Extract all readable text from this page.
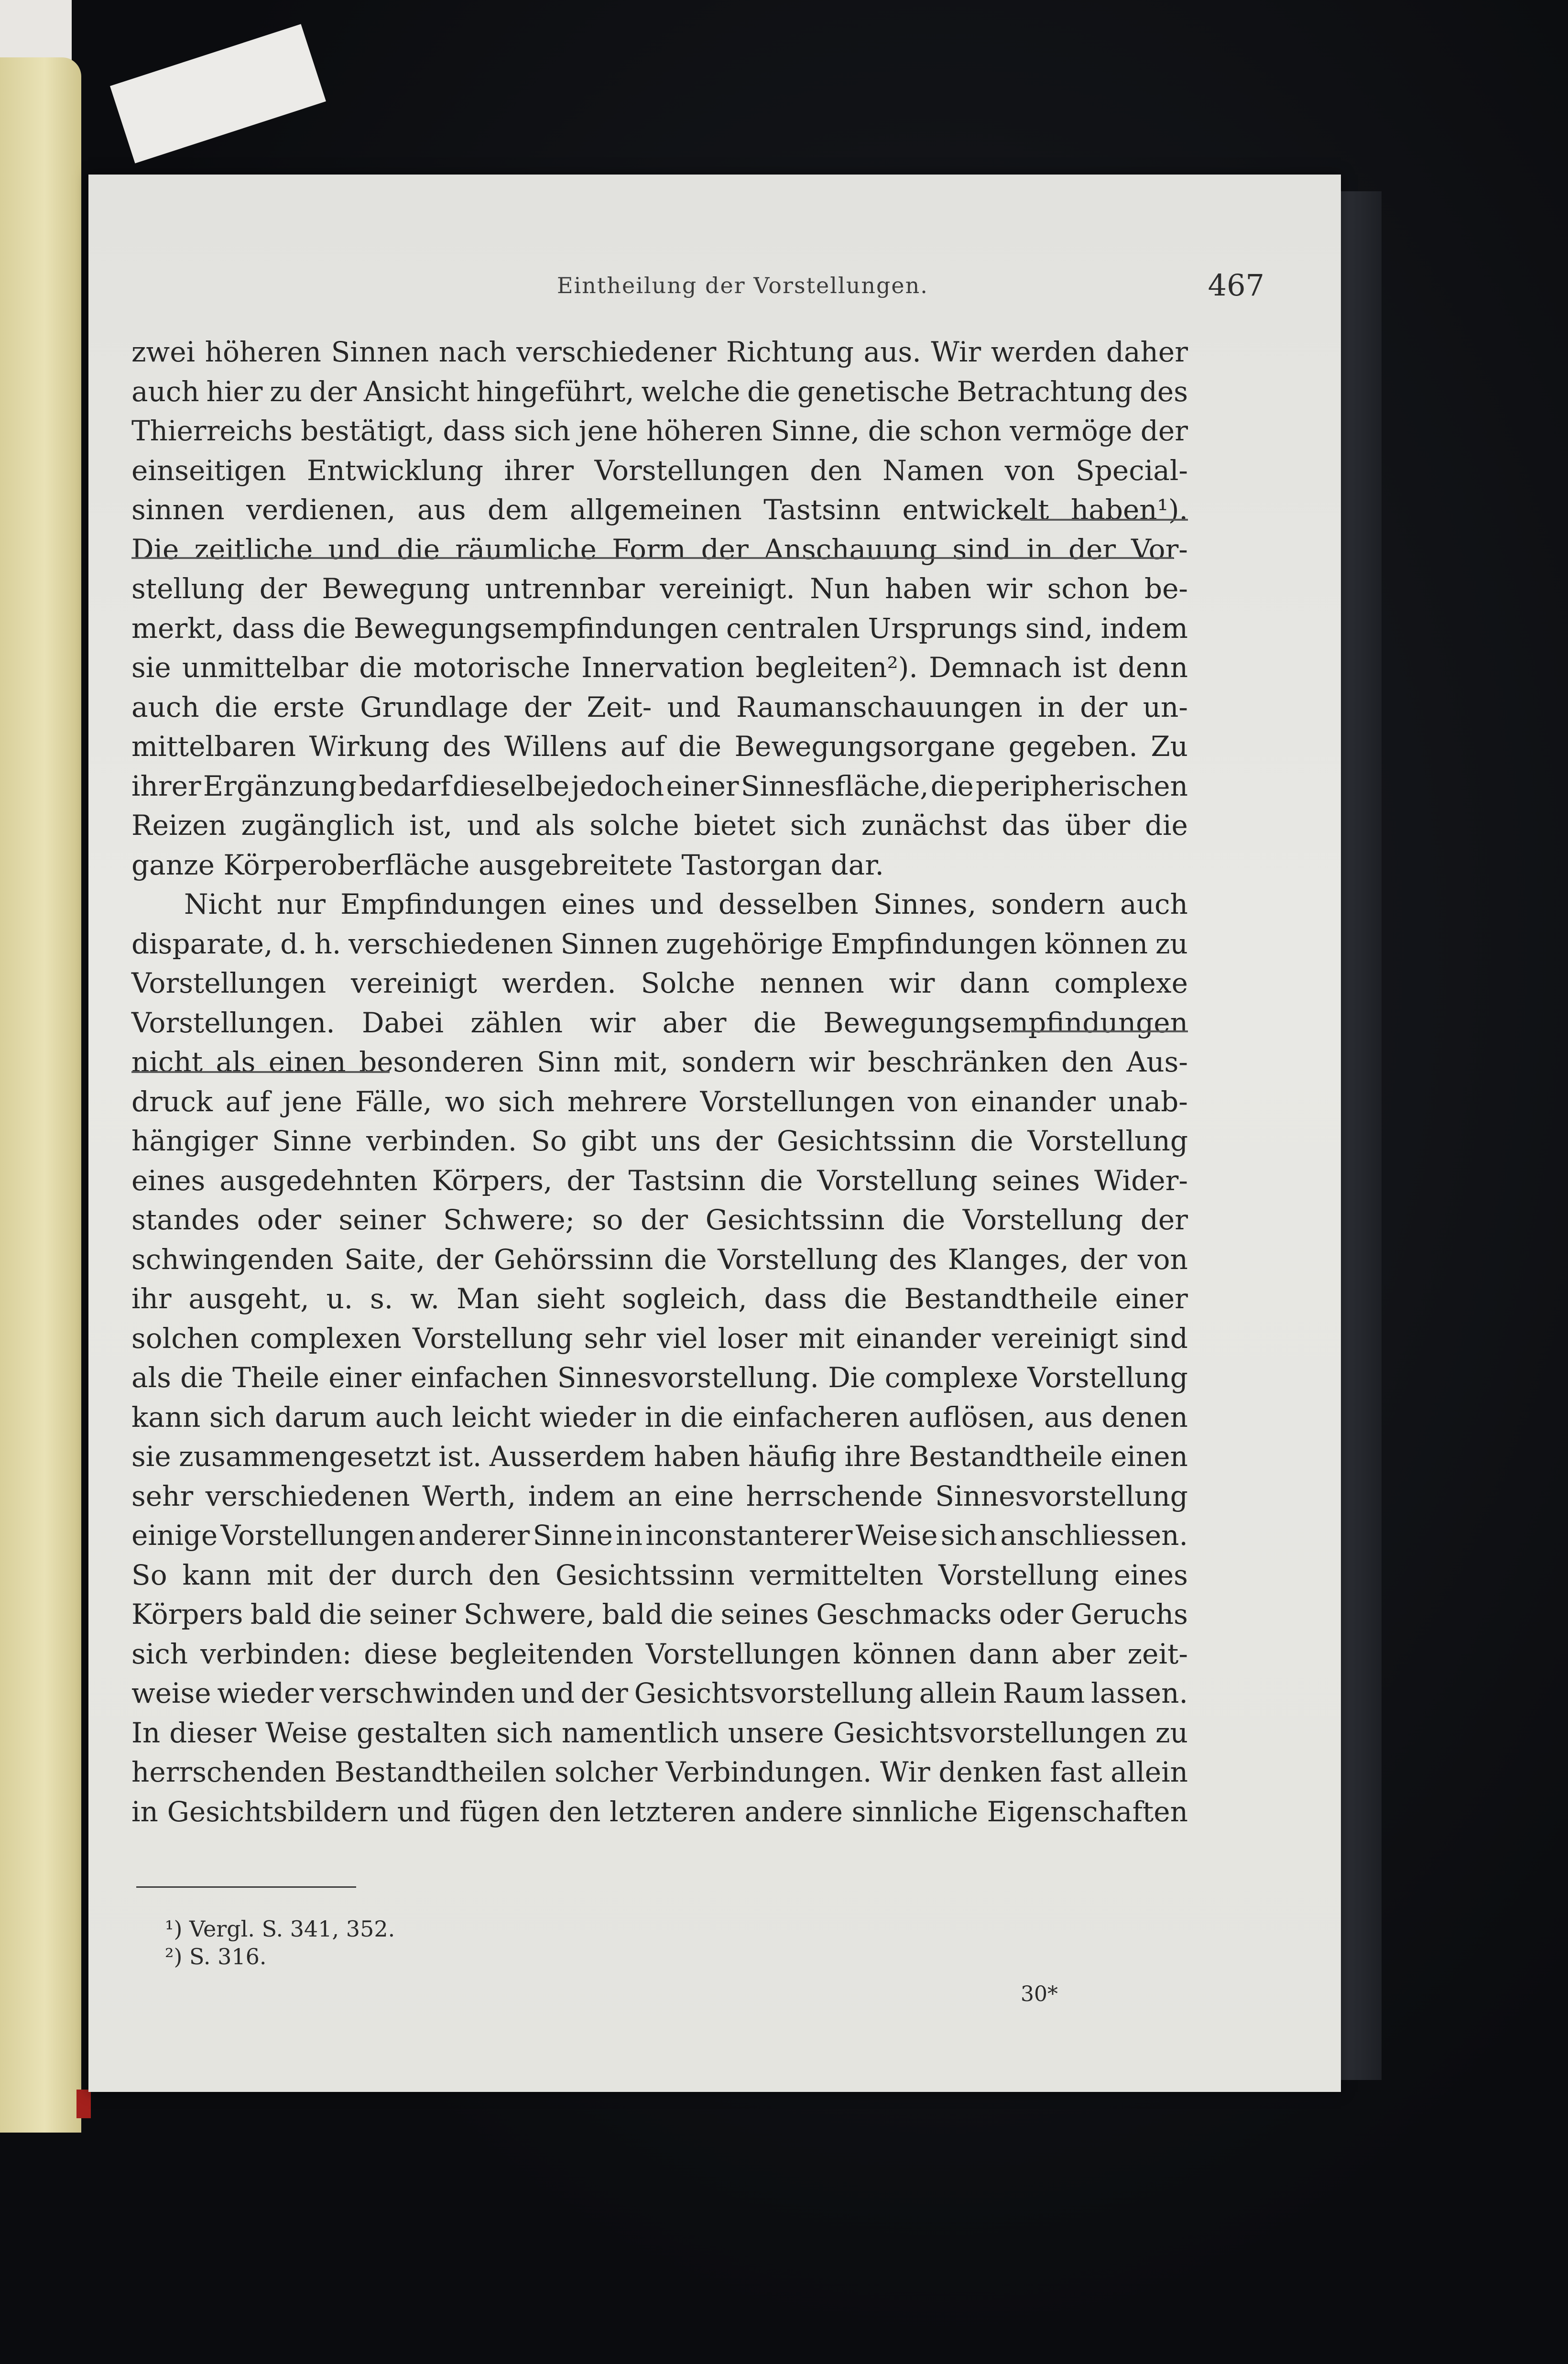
Eintheilung der Vorstellungen.	467
zwei höheren Sinnen nach verschiedener Richtung aus. Wir werden daher
auch hier zu der Ansicht hingeführt, welche die genetische Betrachtung des
Thierreichs bestätigt, dass sich jene höheren Sinne, die schon vermöge der
einseitigen Entwicklung ihrer Vorstellungen den Namen von Special-
sinnen verdienen, aus dem allgemeinen Tastsinn entwickelt haben¹).
Die zeitliche und die räumliche Form der Anschauung sind in der Vor-
stellung der Bewegung untrennbar vereinigt. Nun haben wir schon be-
merkt, dass die Bewegungsempfindungen centralen Ursprungs sind, indem
sie unmittelbar die motorische Innervation begleiten²). Demnach ist denn
auch die erste Grundlage der Zeit- und Raumanschauungen in der un-
mittelbaren Wirkung des Willens auf die Bewegungsorgane gegeben. Zu
ihrer Ergänzung bedarf dieselbe jedoch einer Sinnesfläche, die peripherischen
Reizen zugänglich ist, und als solche bietet sich zunächst das über die
ganze Körperoberfläche ausgebreitete Tastorgan dar.
Nicht nur Empfindungen eines und desselben Sinnes, sondern auch
disparate, d. h. verschiedenen Sinnen zugehörige Empfindungen können zu
Vorstellungen vereinigt werden. Solche nennen wir dann complexe
Vorstellungen. Dabei zählen wir aber die Bewegungsempfindungen
nicht als einen besonderen Sinn mit, sondern wir beschränken den Aus-
druck auf jene Fälle, wo sich mehrere Vorstellungen von einander unab-
hängiger Sinne verbinden. So gibt uns der Gesichtssinn die Vorstellung
eines ausgedehnten Körpers, der Tastsinn die Vorstellung seines Wider-
standes oder seiner Schwere; so der Gesichtssinn die Vorstellung der
schwingenden Saite, der Gehörssinn die Vorstellung des Klanges, der von
ihr ausgeht, u. s. w. Man sieht sogleich, dass die Bestandtheile einer
solchen complexen Vorstellung sehr viel loser mit einander vereinigt sind
als die Theile einer einfachen Sinnesvorstellung. Die complexe Vorstellung
kann sich darum auch leicht wieder in die einfacheren auflösen, aus denen
sie zusammengesetzt ist. Ausserdem haben häufig ihre Bestandtheile einen
sehr verschiedenen Werth, indem an eine herrschende Sinnesvorstellung
einige Vorstellungen anderer Sinne in inconstanterer Weise sich anschliessen.
So kann mit der durch den Gesichtssinn vermittelten Vorstellung eines
Körpers bald die seiner Schwere, bald die seines Geschmacks oder Geruchs
sich verbinden: diese begleitenden Vorstellungen können dann aber zeit-
weise wieder verschwinden und der Gesichtsvorstellung allein Raum lassen.
In dieser Weise gestalten sich namentlich unsere Gesichtsvorstellungen zu
herrschenden Bestandtheilen solcher Verbindungen. Wir denken fast allein
in Gesichtsbildern und fügen den letzteren andere sinnliche Eigenschaften
¹) Vergl. S. 341, 352.
²) S. 316.
30*
